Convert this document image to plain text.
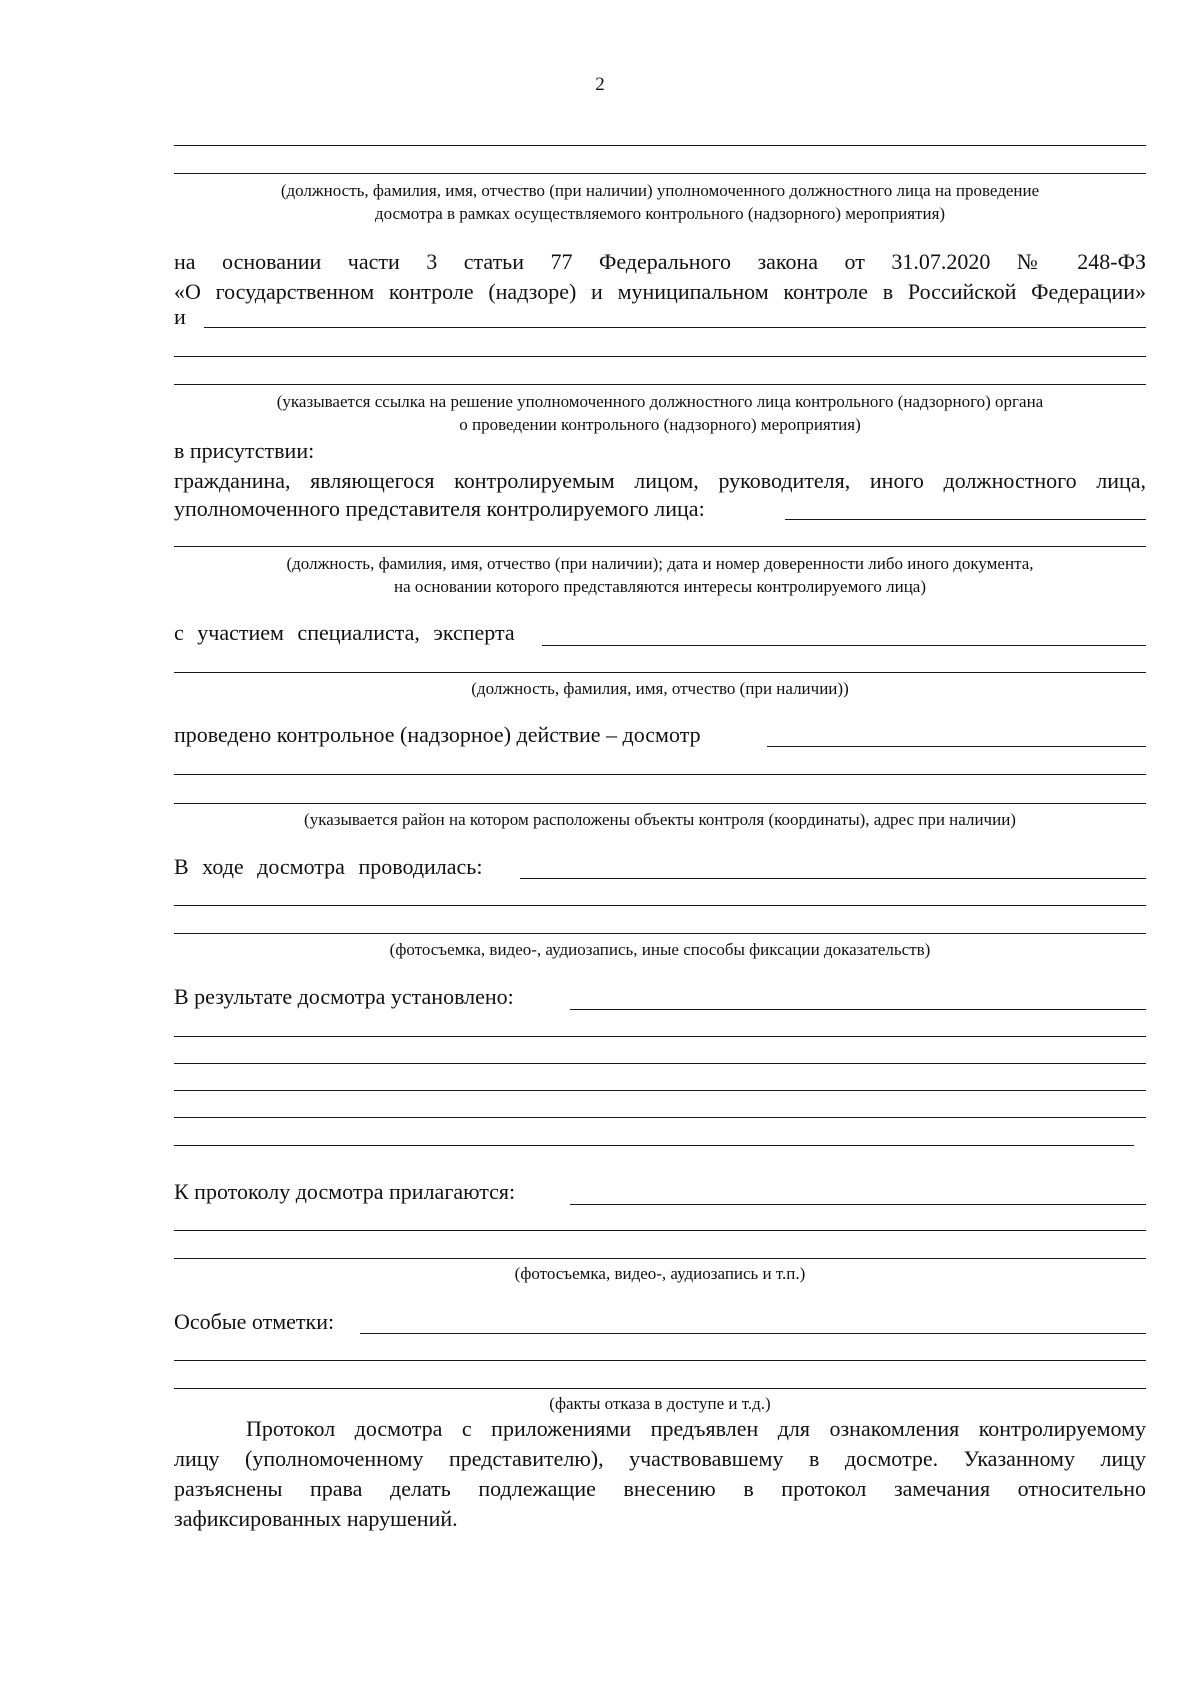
2
(должность, фамилия, имя, отчество (при наличии) уполномоченного должностного лица на проведение
досмотра в рамках осуществляемого контрольного (надзорного) мероприятия)
на основании части 3 статьи 77 Федерального закона от 31.07.2020 № 248-ФЗ
«О государственном контроле (надзоре) и муниципальном контроле в Российской Федерации»
и
(указывается ссылка на решение уполномоченного должностного лица контрольного (надзорного) органа
о проведении контрольного (надзорного) мероприятия)
в присутствии:
гражданина, являющегося контролируемым лицом, руководителя, иного должностного лица,
уполномоченного представителя контролируемого лица:
(должность, фамилия, имя, отчество (при наличии); дата и номер доверенности либо иного документа,
на основании которого представляются интересы контролируемого лица)
с участием специалиста, эксперта
(должность, фамилия, имя, отчество (при наличии))
проведено контрольное (надзорное) действие – досмотр
(указывается район на котором расположены объекты контроля (координаты), адрес при наличии)
В ходе досмотра проводилась:
(фотосъемка, видео-, аудиозапись, иные способы фиксации доказательств)
В результате досмотра установлено:
К протоколу досмотра прилагаются:
(фотосъемка, видео-, аудиозапись и т.п.)
Особые отметки:
(факты отказа в доступе и т.д.)
Протокол досмотра с приложениями предъявлен для ознакомления контролируемому
лицу (уполномоченному представителю), участвовавшему в досмотре. Указанному лицу
разъяснены права делать подлежащие внесению в протокол замечания относительно
зафиксированных нарушений.
